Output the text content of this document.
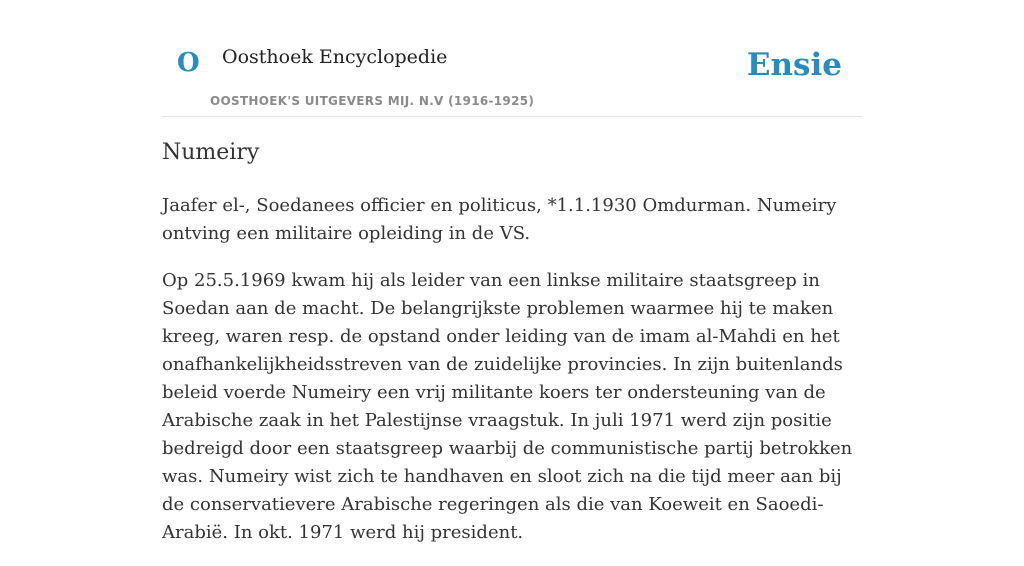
O Oosthoek Encyclopedie
OOSTHOEK'S UITGEVERS MIJ. N.V (1916-1925)
Ensie
Numeiry

Jaafer el-, Soedanees officier en politicus, *1.1.1930 Omdurman. Numeiry ontving een militaire opleiding in de VS.

Op 25.5.1969 kwam hij als leider van een linkse militaire staatsgreep in Soedan aan de macht. De belangrijkste problemen waarmee hij te maken kreeg, waren resp. de opstand onder leiding van de imam al-Mahdi en het onafhankelijkheidsstreven van de zuidelijke provincies. In zijn buitenlands beleid voerde Numeiry een vrij militante koers ter ondersteuning van de Arabische zaak in het Palestijnse vraagstuk. In juli 1971 werd zijn positie bedreigd door een staatsgreep waarbij de communistische partij betrokken was. Numeiry wist zich te handhaven en sloot zich na die tijd meer aan bij de conservatievere Arabische regeringen als die van Koeweit en Saoedi-Arabië. In okt. 1971 werd hij president.
